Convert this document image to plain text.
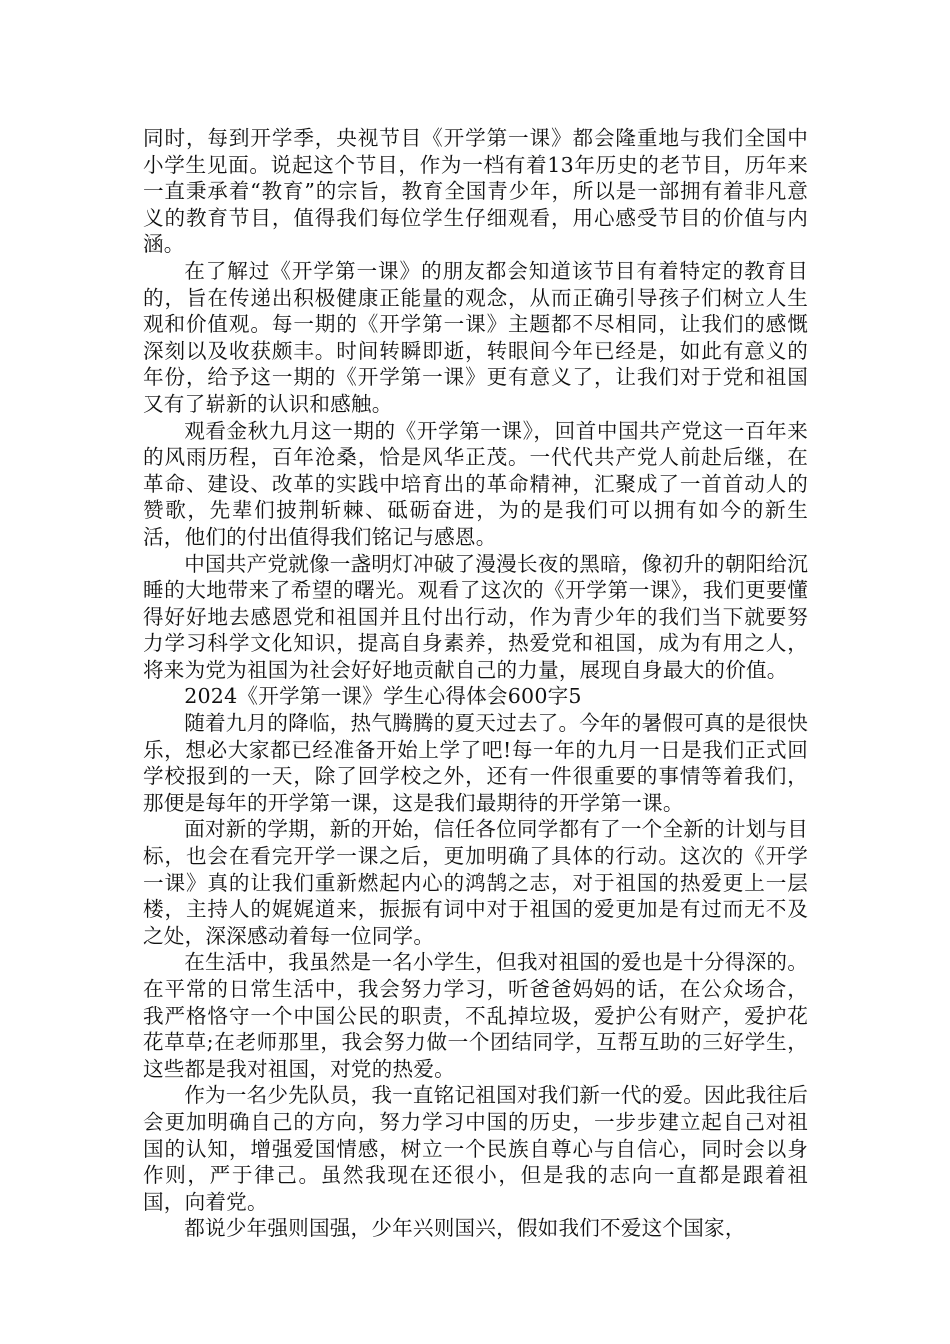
同时，每到开学季，央视节目《开学第一课》都会隆重地与我们全国中小学生见面。说起这个节目，作为一档有着13年历史的老节目，历年来一直秉承着“教育”的宗旨，教育全国青少年，所以是一部拥有着非凡意义的教育节目，值得我们每位学生仔细观看，用心感受节目的价值与内涵。

在了解过《开学第一课》的朋友都会知道该节目有着特定的教育目的，旨在传递出积极健康正能量的观念，从而正确引导孩子们树立人生观和价值观。每一期的《开学第一课》主题都不尽相同，让我们的感慨深刻以及收获颇丰。时间转瞬即逝，转眼间今年已经是，如此有意义的年份，给予这一期的《开学第一课》更有意义了，让我们对于党和祖国又有了崭新的认识和感触。

观看金秋九月这一期的《开学第一课》，回首中国共产党这一百年来的风雨历程，百年沧桑，恰是风华正茂。一代代共产党人前赴后继，在革命、建设、改革的实践中培育出的革命精神，汇聚成了一首首动人的赞歌，先辈们披荆斩棘、砥砺奋进，为的是我们可以拥有如今的新生活，他们的付出值得我们铭记与感恩。

中国共产党就像一盏明灯冲破了漫漫长夜的黑暗，像初升的朝阳给沉睡的大地带来了希望的曙光。观看了这次的《开学第一课》，我们更要懂得好好地去感恩党和祖国并且付出行动，作为青少年的我们当下就要努力学习科学文化知识，提高自身素养，热爱党和祖国，成为有用之人，将来为党为祖国为社会好好地贡献自己的力量，展现自身最大的价值。

2024《开学第一课》学生心得体会600字5

随着九月的降临，热气腾腾的夏天过去了。今年的暑假可真的是很快乐，想必大家都已经准备开始上学了吧!每一年的九月一日是我们正式回学校报到的一天，除了回学校之外，还有一件很重要的事情等着我们，那便是每年的开学第一课，这是我们最期待的开学第一课。

面对新的学期，新的开始，信任各位同学都有了一个全新的计划与目标，也会在看完开学一课之后，更加明确了具体的行动。这次的《开学一课》真的让我们重新燃起内心的鸿鹄之志，对于祖国的热爱更上一层楼，主持人的娓娓道来，振振有词中对于祖国的爱更加是有过而无不及之处，深深感动着每一位同学。

在生活中，我虽然是一名小学生，但我对祖国的爱也是十分得深的。在平常的日常生活中，我会努力学习，听爸爸妈妈的话，在公众场合，我严格恪守一个中国公民的职责，不乱掉垃圾，爱护公有财产，爱护花花草草;在老师那里，我会努力做一个团结同学，互帮互助的三好学生，这些都是我对祖国，对党的热爱。

作为一名少先队员，我一直铭记祖国对我们新一代的爱。因此我往后会更加明确自己的方向，努力学习中国的历史，一步步建立起自己对祖国的认知，增强爱国情感，树立一个民族自尊心与自信心，同时会以身作则，严于律己。虽然我现在还很小，但是我的志向一直都是跟着祖国，向着党。

都说少年强则国强，少年兴则国兴，假如我们不爱这个国家，
